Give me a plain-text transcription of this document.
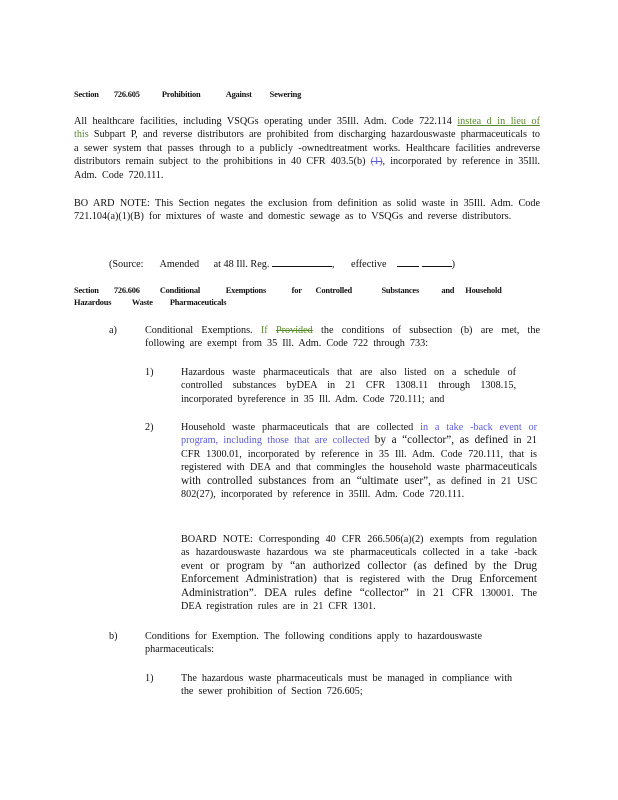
Section 726.605	Prohibition	Against Sewering
All healthcare facilities, including VSQGs operating under 35Ill. Adm. Code 722.114 instea d in lieu of this Subpart P, and reverse distributors are prohibited from discharging hazardouswaste pharmaceuticals to a sewer system that passes through to a publicly -ownedtreatment works. Healthcare facilities andreverse distributors remain subject to the prohibitions in 40 CFR 403.5(b) (1), incorporated by reference in 35Ill. Adm. Code 720.111.
BO ARD NOTE: This Section negates the exclusion from definition as solid waste in 35Ill. Adm. Code 721.104(a)(1)(B) for mixtures of waste and domestic sewage as to VSQGs and reverse distributors.
(Source: Amended at 48 Ill. Reg.	, effective	)
Section 726.606 Conditional	Exemptions	for Controlled	Substances	and Household
Hazardous Waste Pharmaceuticals
a)	Conditional Exemptions. If Provided the conditions of subsection (b) are met, the following are exempt from 35 Ill. Adm. Code 722 through 733:
1)	Hazardous waste pharmaceuticals that are also listed on a schedule of controlled substances byDEA in 21 CFR 1308.11 through 1308.15, incorporated byreference in 35 Ill. Adm. Code 720.111; and
2)	Household waste pharmaceuticals that are collected in a take -back event or program, including those that are collected by a “collector”, as defined in 21 CFR 1300.01, incorporated by reference in 35 Ill. Adm. Code 720.111, that is registered with DEA and that commingles the household waste pharmaceuticals with controlled substances from an “ultimate user”, as defined in 21 USC 802(27), incorporated by reference in 35Ill. Adm. Code 720.111.
BOARD NOTE: Corresponding 40 CFR 266.506(a)(2) exempts from regulation as hazardouswaste hazardous wa ste pharmaceuticals collected in a take -back event or program by “an authorized collector (as defined by the Drug Enforcement Administration) that is registered with the Drug Enforcement Administration”. DEA rules define “collector” in 21 CFR 130001. The DEA registration rules are in 21 CFR 1301.
b)	Conditions for Exemption. The following conditions apply to hazardouswaste pharmaceuticals:
1)	The hazardous waste pharmaceuticals must be managed in compliance with the sewer prohibition of Section 726.605;
